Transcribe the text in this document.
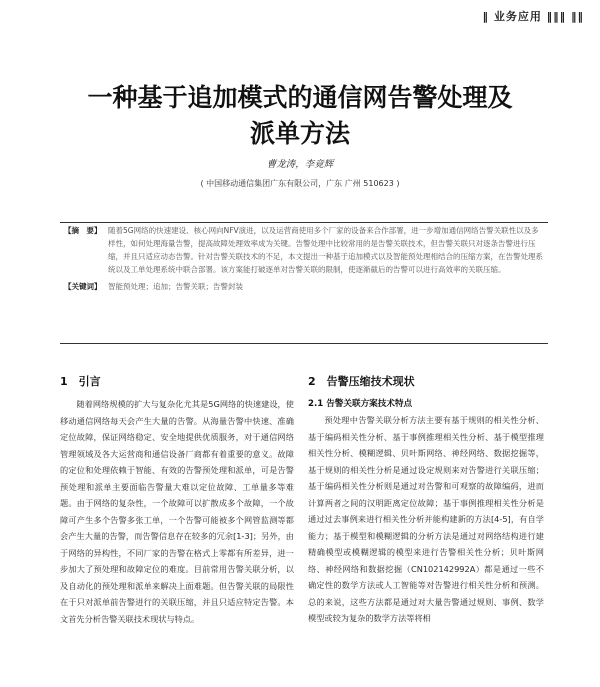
‖ 业务应用 ‖‖‖ ‖‖
一种基于追加模式的通信网告警处理及
派单方法
曹龙涛，李竞辉
( 中国移动通信集团广东有限公司，广东 广州 510623 )
【摘　要】 随着5G网络的快速建设、核心网向NFV演进，以及运营商使用多个厂家的设备来合作部署，进一步增加通信网络告警关联性以及多样性，如何处理海量告警，提高故障处理效率成为关键。告警处理中比较常用的是告警关联技术，但告警关联只对逐条告警进行压缩，并且只适应动态告警。针对告警关联技术的不足，本文提出一种基于追加模式以及智能预处理相结合的压缩方案，在告警处理系统以及工单处理系统中联合部署。该方案能打破逐单对告警关联的限制，使逐渐截后的告警可以进行高效率的关联压缩。
【关键词】 智能预处理；追加；告警关联；告警封装
1　引言

随着网络规模的扩大与复杂化尤其是5G网络的快速建设，使移动通信网络每天会产生大量的告警。从海量告警中快速、准确定位故障，保证网络稳定、安全地提供优质服务，对于通信网络管理领域及各大运营商和通信设备厂商都有着重要的意义。故障的定位和处理依赖于智能、有效的告警预处理和派单，可是告警预处理和派单主要面临告警量大难以定位故障、工单量多等难题。由于网络的复杂性，一个故障可以扩散成多个故障，一个故障可产生多个告警多张工单，一个告警可能被多个网管监测等都会产生大量的告警，而告警信息存在较多的冗余[1-3]；另外，由于网络的异构性，不同厂家的告警在格式上零都有所差异，进一步加大了预处理和故障定位的难度。目前常用告警关联分析，以及自动化的预处理和派单来解决上面难题。但告警关联的局限性在于只对派单前告警进行的关联压缩，并且只适应特定告警。本文首先分析告警关联技术现状与特点。

2　告警压缩技术现状
2.1 告警关联方案技术特点

预处理中告警关联分析方法主要有基于规则的相关性分析、基于编码相关性分析、基于事例推理相关性分析、基于模型推理相关性分析、模糊逻辑、贝叶斯网络、神经网络、数据挖掘等，基于规则的相关性分析是通过设定规则来对告警进行关联压缩；基于编码相关性分析则是通过对告警和可观察的故障编码，进而计算两者之间的汉明距离定位故障；基于事例推理相关性分析是通过过去事例来进行相关性分析并能构建新的方法[4-5]，有自学能力；基于模型和模糊逻辑的分析方法是通过对网络结构进行建精确模型或模糊逻辑的模型来进行告警相关性分析；贝叶斯网络、神经网络和数据挖掘（CN102142992A）都是通过一些不确定性的数学方法或人工智能等对告警进行相关性分析和预测。总的来说，这些方法都是通过对大量告警通过规则、事例、数学模型或较为复杂的数学方法等将相
